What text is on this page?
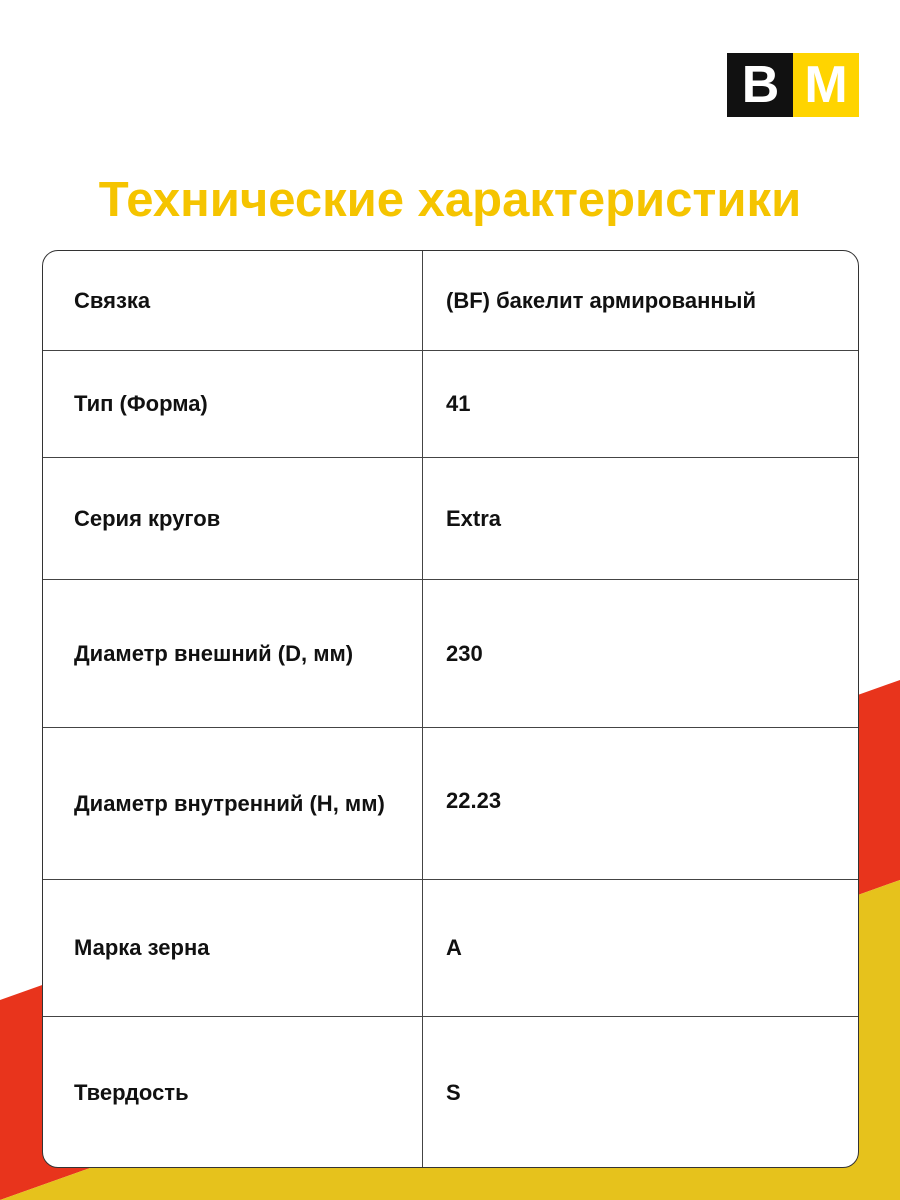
B M
Технические характеристики
Связка	(BF) бакелит армированный
Тип (Форма)	41
Серия кругов	Extra
Диаметр внешний (D, мм)	230
Диаметр внутренний (H, мм)	22.23
Марка зерна	A
Твердость	S
